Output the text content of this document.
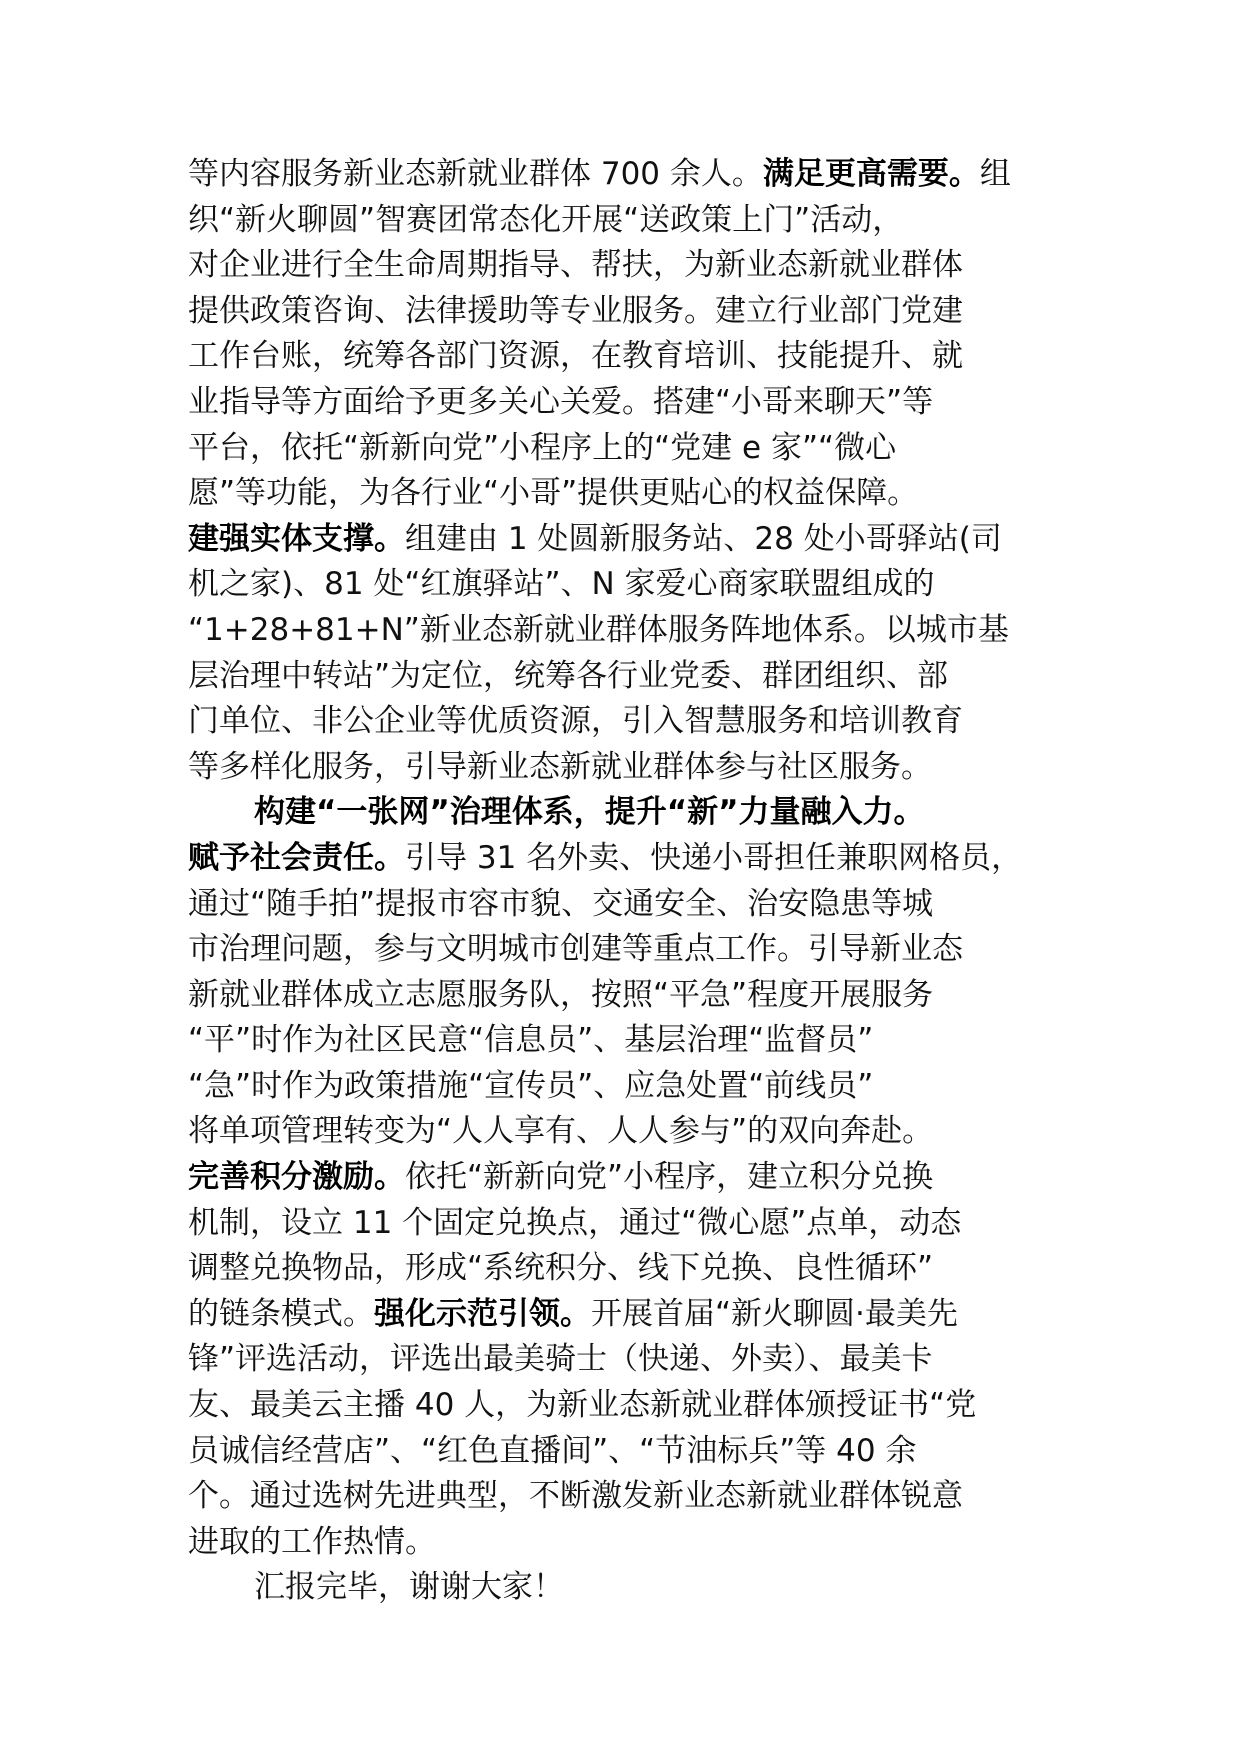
等内容服务新业态新就业群体 700 余人。满足更高需要。组
织“新火聊圆”智赛团常态化开展“送政策上门”活动，
对企业进行全生命周期指导、帮扶，为新业态新就业群体
提供政策咨询、法律援助等专业服务。建立行业部门党建
工作台账，统筹各部门资源，在教育培训、技能提升、就
业指导等方面给予更多关心关爱。搭建“小哥来聊天”等
平台，依托“新新向党”小程序上的“党建 e 家”“微心
愿”等功能，为各行业“小哥”提供更贴心的权益保障。
建强实体支撑。组建由 1 处圆新服务站、28 处小哥驿站(司
机之家)、81 处“红旗驿站”、N 家爱心商家联盟组成的
“1+28+81+N”新业态新就业群体服务阵地体系。以城市基
层治理中转站”为定位，统筹各行业党委、群团组织、部
门单位、非公企业等优质资源，引入智慧服务和培训教育
等多样化服务，引导新业态新就业群体参与社区服务。

构建“一张网”治理体系，提升“新”力量融入力。
赋予社会责任。引导 31 名外卖、快递小哥担任兼职网格员，
通过“随手拍”提报市容市貌、交通安全、治安隐患等城
市治理问题，参与文明城市创建等重点工作。引导新业态
新就业群体成立志愿服务队，按照“平急”程度开展服务
“平”时作为社区民意“信息员”、基层治理“监督员”
“急”时作为政策措施“宣传员”、应急处置“前线员”
将单项管理转变为“人人享有、人人参与”的双向奔赴。
完善积分激励。依托“新新向党”小程序，建立积分兑换
机制，设立 11 个固定兑换点，通过“微心愿”点单，动态
调整兑换物品，形成“系统积分、线下兑换、良性循环”
的链条模式。强化示范引领。开展首届“新火聊圆·最美先
锋”评选活动，评选出最美骑士（快递、外卖）、最美卡
友、最美云主播 40 人，为新业态新就业群体颁授证书“党
员诚信经营店”、“红色直播间”、“节油标兵”等 40 余
个。通过选树先进典型，不断激发新业态新就业群体锐意
进取的工作热情。

汇报完毕，谢谢大家！
